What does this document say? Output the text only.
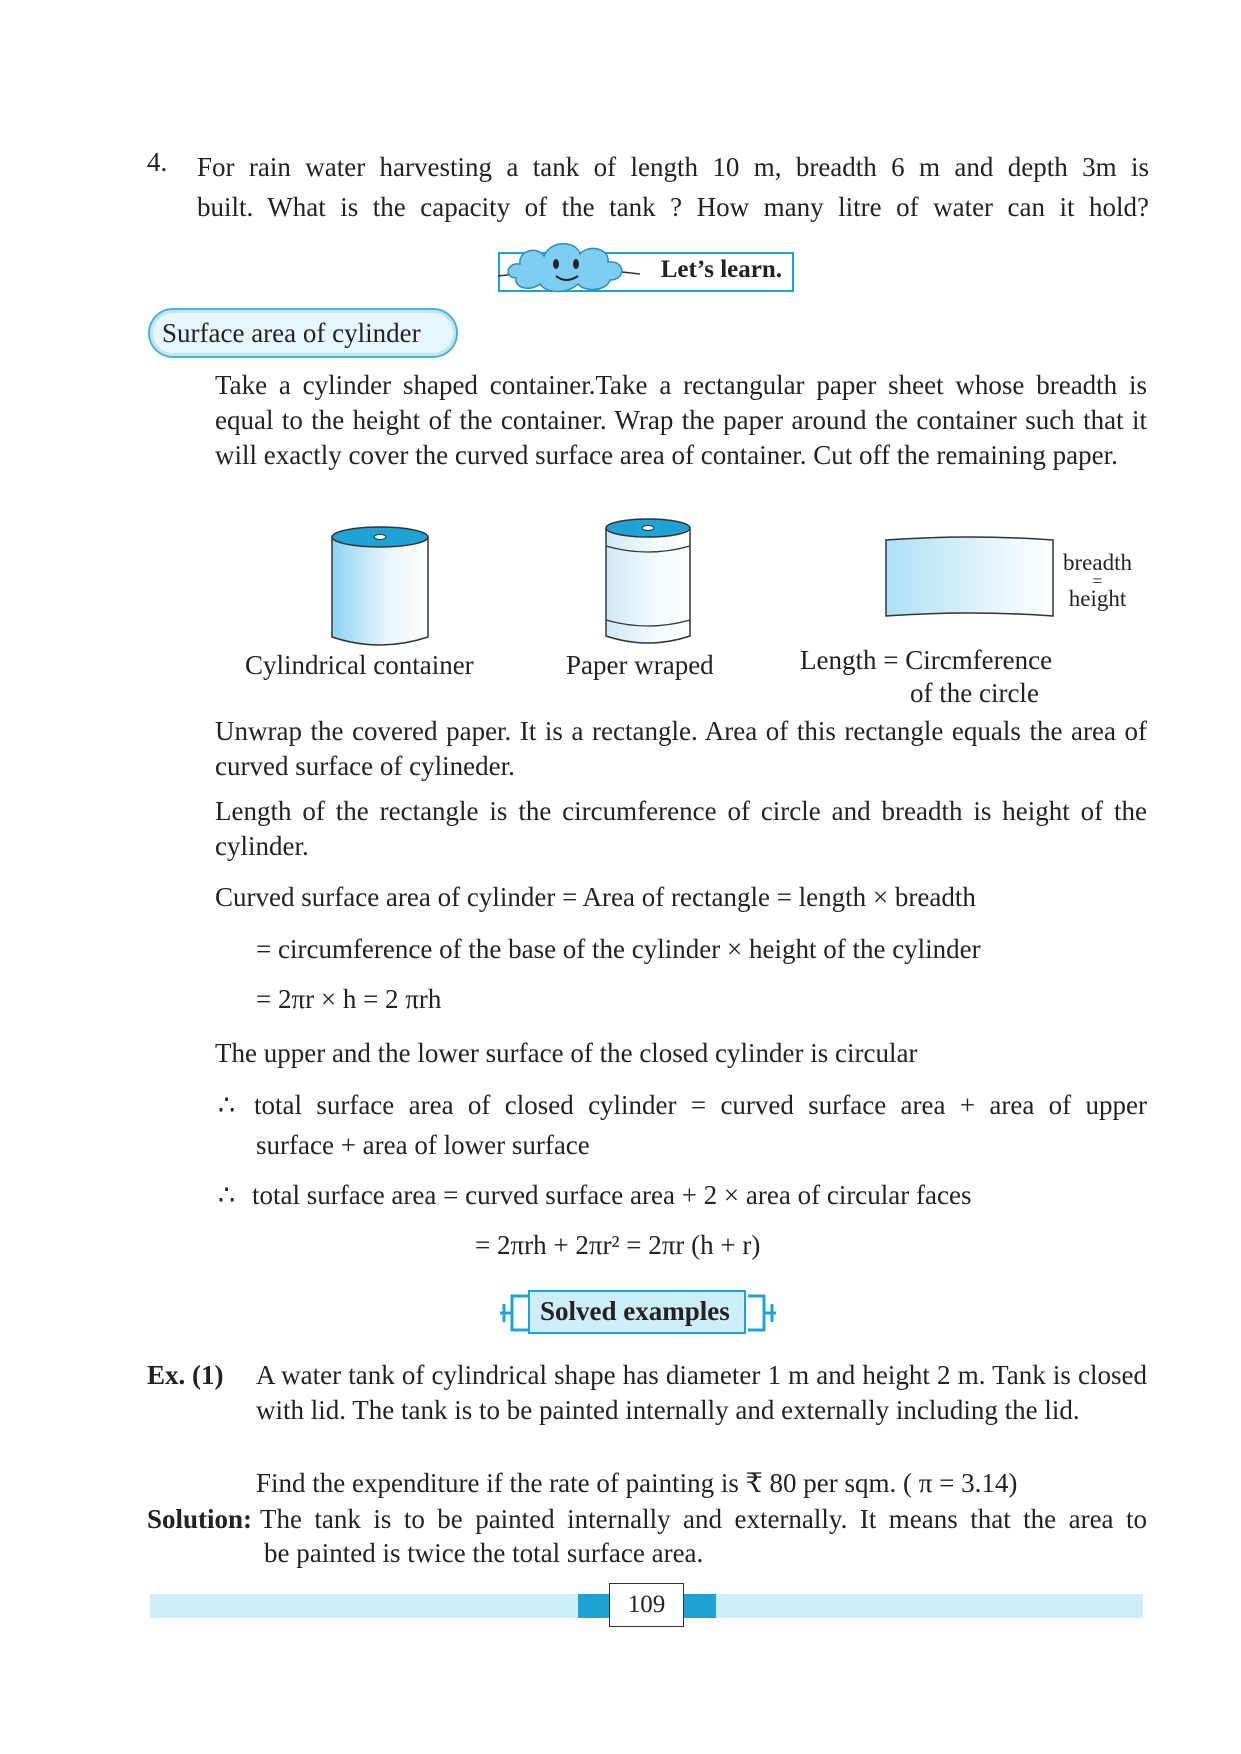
4. For rain water harvesting a tank of length 10 m, breadth 6 m and depth 3m is
built. What is the capacity of the tank ? How many litre of water can it hold?
Let’s learn.
Surface area of cylinder
Take a cylinder shaped container.Take a rectangular paper sheet whose breadth is equal to the height of the container. Wrap the paper around the container such that it will exactly cover the curved surface area of container. Cut off the remaining paper.
breadth
=
height
Cylindrical container	Paper wraped	Length = Circmference
of the circle
Unwrap the covered paper. It is a rectangle. Area of this rectangle equals the area of curved surface of cylineder.
Length of the rectangle is the circumference of circle and breadth is height of the cylinder.
Curved surface area of cylinder = Area of rectangle = length × breadth
= circumference of the base of the cylinder × height of the cylinder
= 2πr × h = 2 πrh
The upper and the lower surface of the closed cylinder is circular
∴ total surface area of closed cylinder = curved surface area + area of upper
surface + area of lower surface
∴ total surface area = curved surface area + 2 × area of circular faces
= 2πrh + 2πr² = 2πr (h + r)
Solved examples
Ex. (1) A water tank of cylindrical shape has diameter 1 m and height 2 m. Tank is closed with lid. The tank is to be painted internally and externally including the lid.
Find the expenditure if the rate of painting is ₹ 80 per sqm. ( π = 3.14)
Solution: The tank is to be painted internally and externally. It means that the area to
be painted is twice the total surface area.
109
